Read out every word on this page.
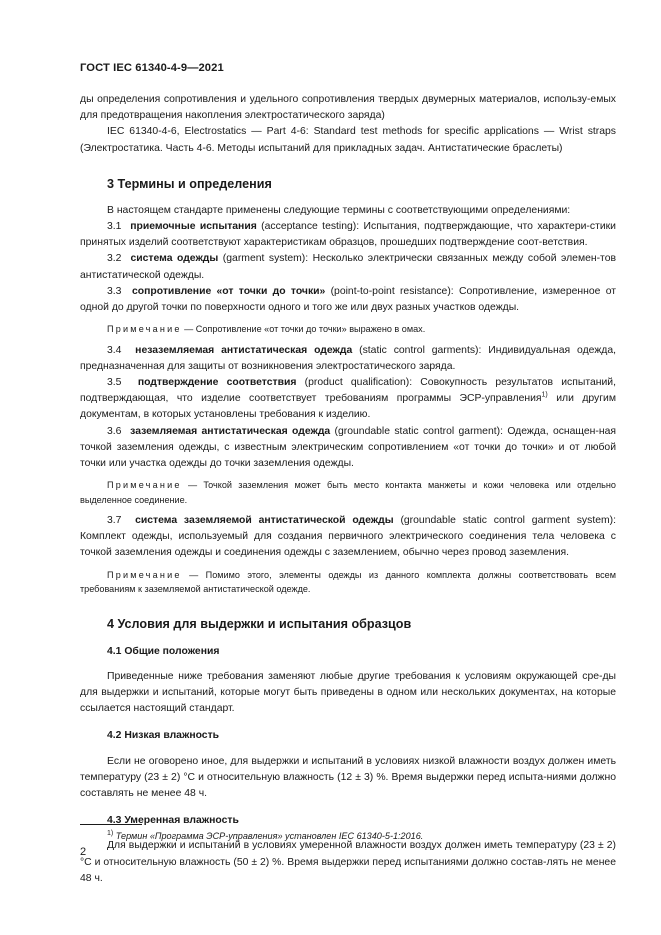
ГОСТ IEC 61340-4-9—2021

ды определения сопротивления и удельного сопротивления твердых двумерных материалов, использу-емых для предотвращения накопления электростатического заряда)

IEC 61340-4-6, Electrostatics — Part 4-6: Standard test methods for specific applications — Wrist straps (Электростатика. Часть 4-6. Методы испытаний для прикладных задач. Антистатические браслеты)

3 Термины и определения

В настоящем стандарте применены следующие термины с соответствующими определениями:

3.1 приемочные испытания (acceptance testing): Испытания, подтверждающие, что характери-стики принятых изделий соответствуют характеристикам образцов, прошедших подтверждение соот-ветствия.

3.2 система одежды (garment system): Несколько электрически связанных между собой элемен-тов антистатической одежды.

3.3 сопротивление «от точки до точки» (point-to-point resistance): Сопротивление, измеренное от одной до другой точки по поверхности одного и того же или двух разных участков одежды.

Примечание — Сопротивление «от точки до точки» выражено в омах.

3.4 незаземляемая антистатическая одежда (static control garments): Индивидуальная одежда, предназначенная для защиты от возникновения электростатического заряда.

3.5 подтверждение соответствия (product qualification): Совокупность результатов испытаний, подтверждающая, что изделие соответствует требованиям программы ЭСР-управления$^{1)}$ или другим документам, в которых установлены требования к изделию.

3.6 заземляемая антистатическая одежда (groundable static control garment): Одежда, оснащен-ная точкой заземления одежды, с известным электрическим сопротивлением «от точки до точки» и от любой точки или участка одежды до точки заземления одежды.

Примечание — Точкой заземления может быть место контакта манжеты и кожи человека или отдельно выделенное соединение.

3.7 система заземляемой антистатической одежды (groundable static control garment system): Комплект одежды, используемый для создания первичного электрического соединения тела человека с точкой заземления одежды и соединения одежды с заземлением, обычно через провод заземления.

Примечание — Помимо этого, элементы одежды из данного комплекта должны соответствовать всем требованиям к заземляемой антистатической одежде.

4 Условия для выдержки и испытания образцов
4.1 Общие положения

Приведенные ниже требования заменяют любые другие требования к условиям окружающей сре-ды для выдержки и испытаний, которые могут быть приведены в одном или нескольких документах, на которые ссылается настоящий стандарт.

4.2 Низкая влажность

Если не оговорено иное, для выдержки и испытаний в условиях низкой влажности воздух должен иметь температуру (23 ± 2) °С и относительную влажность (12 ± 3) %. Время выдержки перед испыта-ниями должно составлять не менее 48 ч.

4.3 Умеренная влажность

Для выдержки и испытаний в условиях умеренной влажности воздух должен иметь температуру (23 ± 2) °С и относительную влажность (50 ± 2) %. Время выдержки перед испытаниями должно состав-лять не менее 48 ч.

$^{1)}$ Термин «Программа ЭСР-управления» установлен IEC 61340-5-1:2016.
2
